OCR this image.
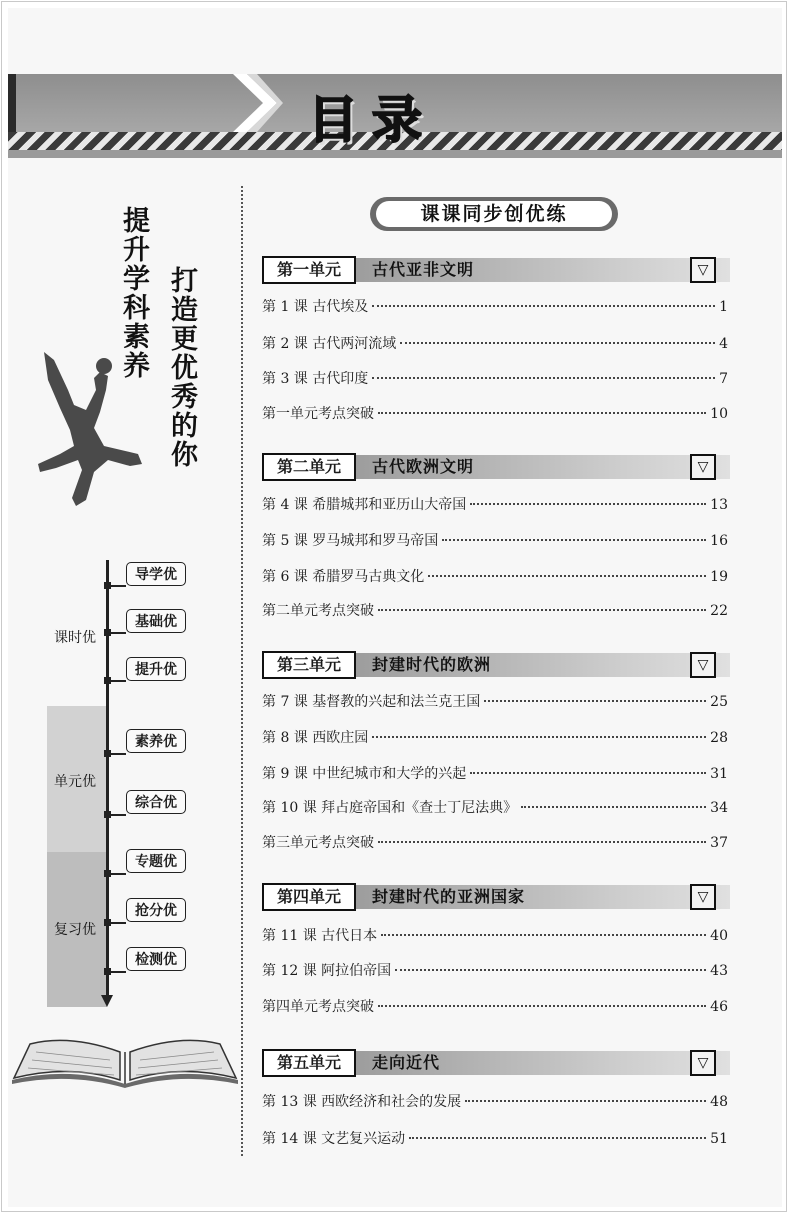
目录
提升学科素养 打造更优秀的你
课时优
单元优
复习优
导学优
基础优
提升优
素养优
综合优
专题优
抢分优
检测优
课课同步创优练
第一单元	古代亚非文明	▽
第 1 课 古代埃及	1
第 2 课 古代两河流域	4
第 3 课 古代印度	7
第一单元考点突破	10
第二单元	古代欧洲文明	▽
第 4 课 希腊城邦和亚历山大帝国	13
第 5 课 罗马城邦和罗马帝国	16
第 6 课 希腊罗马古典文化	19
第二单元考点突破	22
第三单元	封建时代的欧洲	▽
第 7 课 基督教的兴起和法兰克王国	25
第 8 课 西欧庄园	28
第 9 课 中世纪城市和大学的兴起	31
第 10 课 拜占庭帝国和《查士丁尼法典》	34
第三单元考点突破	37
第四单元	封建时代的亚洲国家	▽
第 11 课 古代日本	40
第 12 课 阿拉伯帝国	43
第四单元考点突破	46
第五单元	走向近代	▽
第 13 课 西欧经济和社会的发展	48
第 14 课 文艺复兴运动	51
